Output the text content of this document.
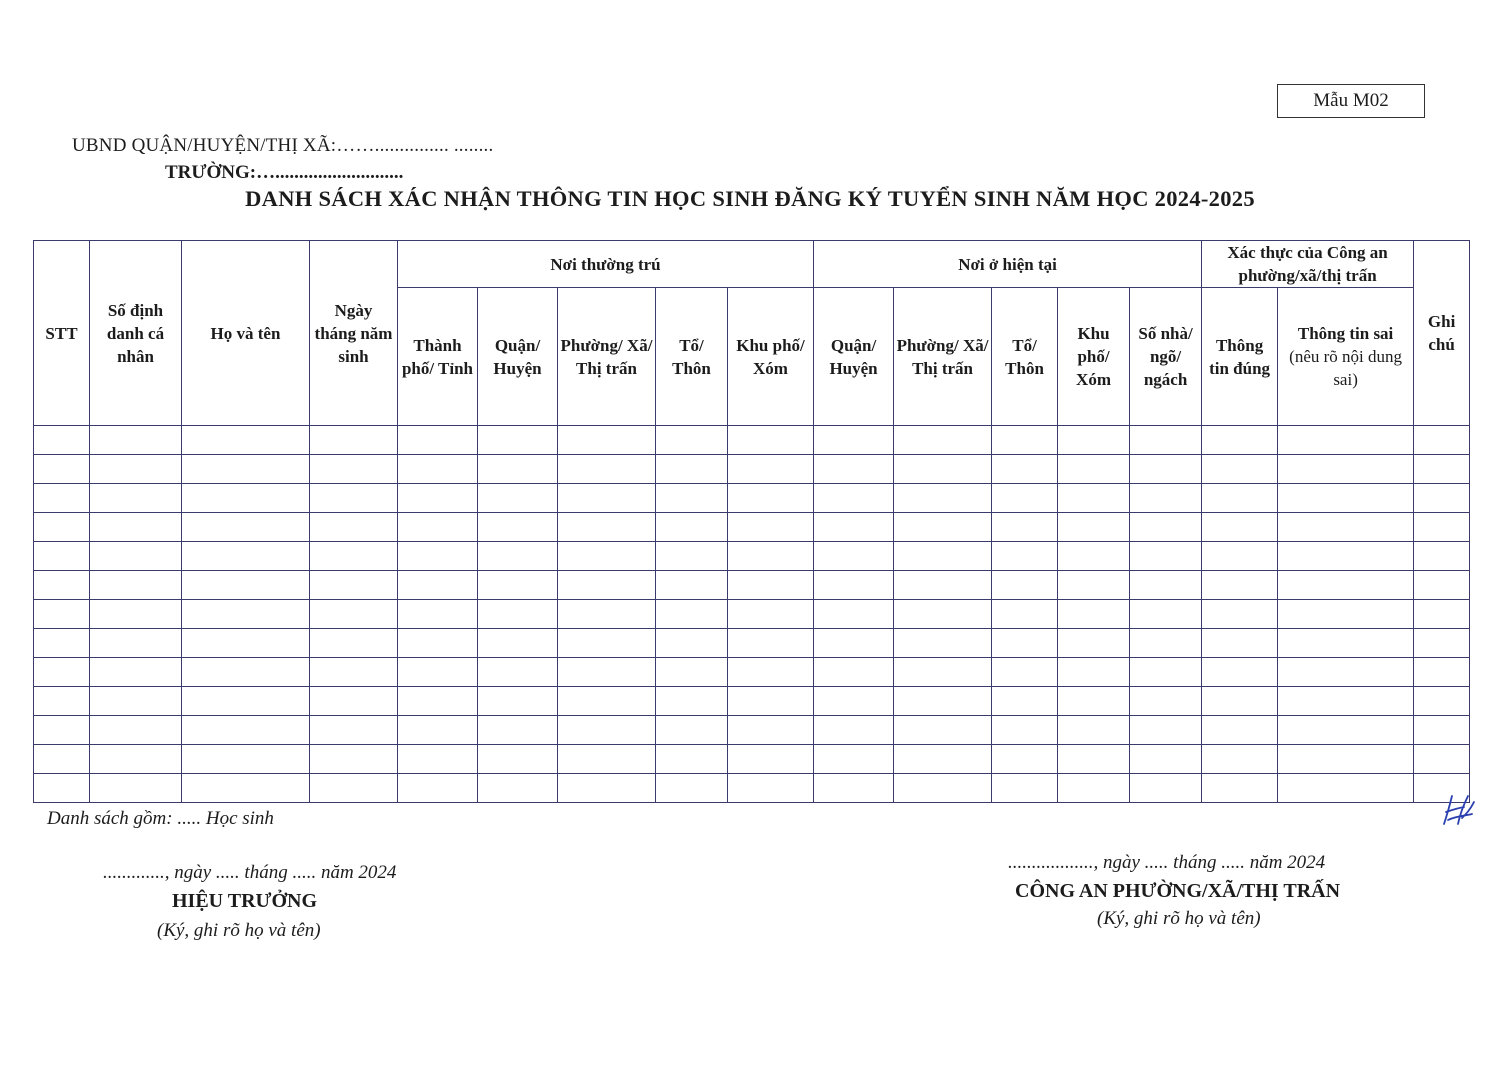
Mẫu M02
UBND QUẬN/HUYỆN/THỊ XÃ:……............... ........
TRƯỜNG:…...........................
DANH SÁCH XÁC NHẬN THÔNG TIN HỌC SINH ĐĂNG KÝ TUYỂN SINH NĂM HỌC 2024-2025
STT	Số định danh cá nhân	Họ và tên	Ngày tháng năm sinh	Nơi thường trú					Nơi ở hiện tại					Xác thực của Công an phường/xã/thị trấn		Ghi chú
				Thành phố/ Tỉnh	Quận/ Huyện	Phường/ Xã/ Thị trấn	Tổ/ Thôn	Khu phố/ Xóm	Quận/ Huyện	Phường/ Xã/ Thị trấn	Tổ/ Thôn	Khu phố/ Xóm	Số nhà/ ngõ/ ngách	Thông tin đúng	Thông tin sai
(nêu rõ nội dung sai)	

Danh sách gồm: ..... Học sinh
............., ngày ..... tháng ..... năm 2024
HIỆU TRƯỞNG
(Ký, ghi rõ họ và tên)
.................., ngày ..... tháng ..... năm 2024
CÔNG AN PHƯỜNG/XÃ/THỊ TRẤN
(Ký, ghi rõ họ và tên)
